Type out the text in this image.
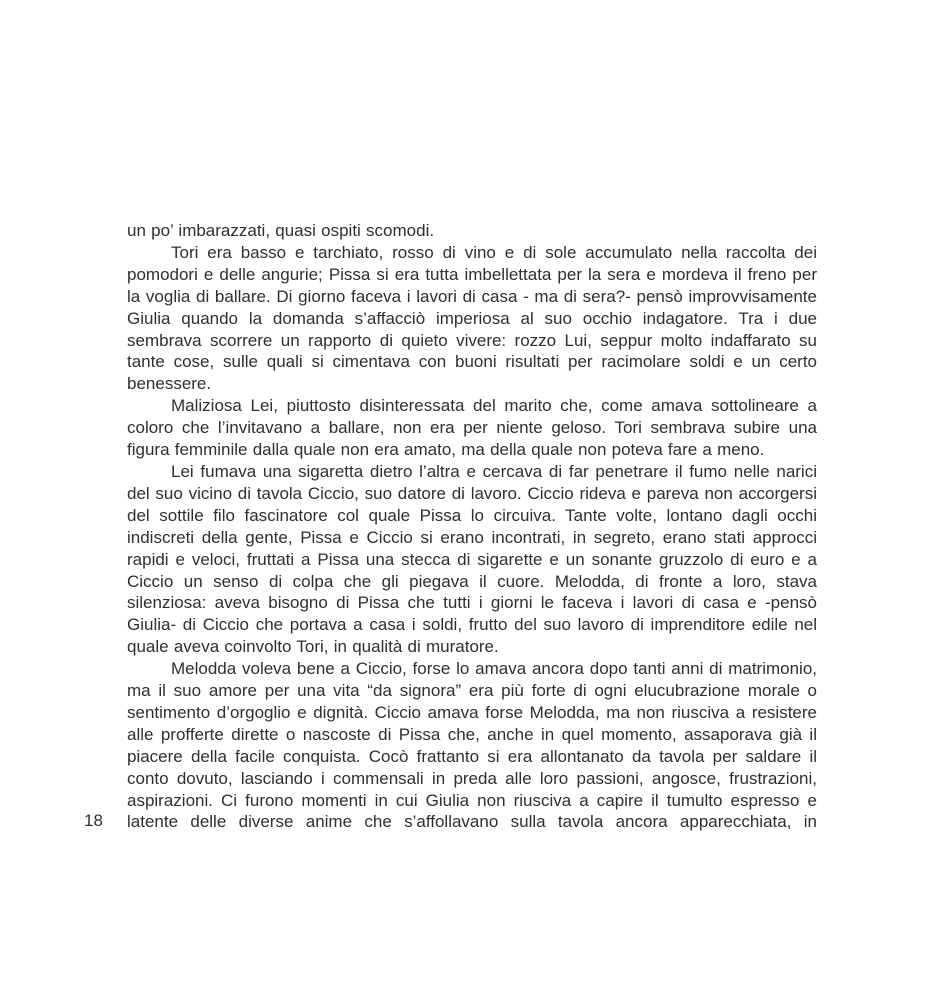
18

un po’ imbarazzati, quasi ospiti scomodi.

Tori era basso e tarchiato, rosso di vino e di sole accumulato nella raccolta dei pomodori e delle angurie; Pissa si era tutta imbellettata per la sera e mordeva il freno per la voglia di ballare. Di giorno faceva i lavori di casa - ma di sera?- pensò improvvisamente Giulia quando la domanda s’affacciò imperiosa al suo occhio indagatore. Tra i due sembrava scorrere un rapporto di quieto vivere: rozzo Lui, seppur molto indaffarato su tante cose, sulle quali si cimentava con buoni risultati per racimolare soldi e un certo benessere.

Maliziosa Lei, piuttosto disinteressata del marito che, come amava sottolineare a coloro che l’invitavano a ballare, non era per niente geloso. Tori sembrava subire una figura femminile dalla quale non era amato, ma della quale non poteva fare a meno.

Lei fumava una sigaretta dietro l’altra e cercava di far penetrare il fumo nelle narici del suo vicino di tavola Ciccio, suo datore di lavoro. Ciccio rideva e pareva non accorgersi del sottile filo fascinatore col quale Pissa lo circuiva. Tante volte, lontano dagli occhi indiscreti della gente, Pissa e Ciccio si erano incontrati, in segreto, erano stati approcci rapidi e veloci, fruttati a Pissa una stecca di sigarette e un sonante gruzzolo di euro e a Ciccio un senso di colpa che gli piegava il cuore. Melodda, di fronte a loro, stava silenziosa: aveva bisogno di Pissa che tutti i giorni le faceva i lavori di casa e -pensò Giulia- di Ciccio che portava a casa i soldi, frutto del suo lavoro di imprenditore edile nel quale aveva coinvolto Tori, in qualità di muratore.

Melodda voleva bene a Ciccio, forse lo amava ancora dopo tanti anni di matrimonio, ma il suo amore per una vita “da signora” era più forte di ogni elucubrazione morale o sentimento d’orgoglio e dignità. Ciccio amava forse Melodda, ma non riusciva a resistere alle profferte dirette o nascoste di Pissa che, anche in quel momento, assaporava già il piacere della facile conquista. Cocò frattanto si era allontanato da tavola per saldare il conto dovuto, lasciando i commensali in preda alle loro passioni, angosce, frustrazioni, aspirazioni. Ci furono momenti in cui Giulia non riusciva a capire il tumulto espresso e latente delle diverse anime che s’affollavano sulla tavola ancora apparecchiata, in
